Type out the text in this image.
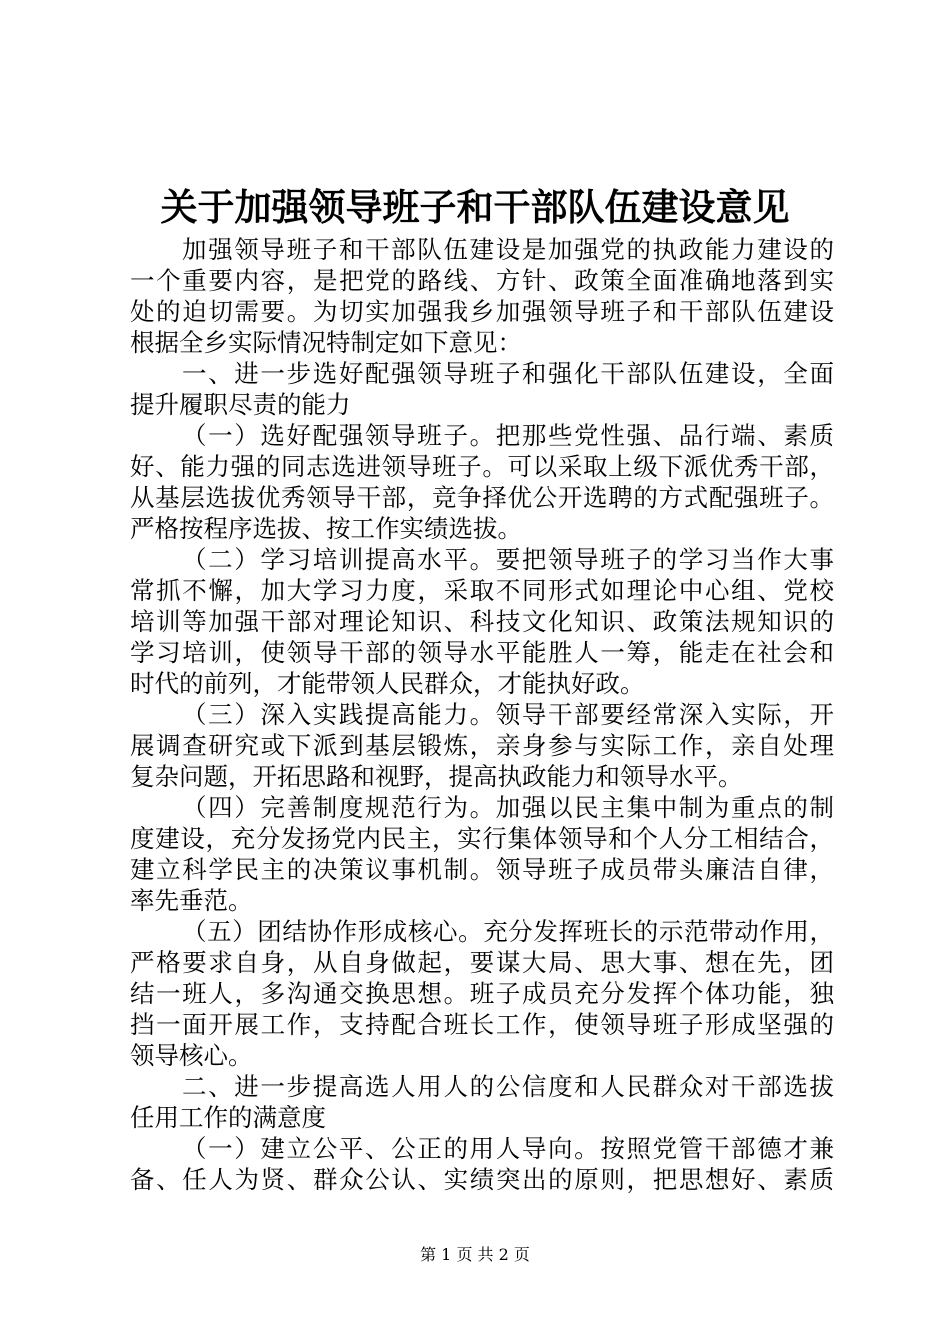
关于加强领导班子和干部队伍建设意见
加强领导班子和干部队伍建设是加强党的执政能力建设的
一个重要内容，是把党的路线、方针、政策全面准确地落到实
处的迫切需要。为切实加强我乡加强领导班子和干部队伍建设
根据全乡实际情况特制定如下意见：
一、进一步选好配强领导班子和强化干部队伍建设，全面
提升履职尽责的能力
（一）选好配强领导班子。把那些党性强、品行端、素质
好、能力强的同志选进领导班子。可以采取上级下派优秀干部，
从基层选拔优秀领导干部，竞争择优公开选聘的方式配强班子。
严格按程序选拔、按工作实绩选拔。
（二）学习培训提高水平。要把领导班子的学习当作大事
常抓不懈，加大学习力度，采取不同形式如理论中心组、党校
培训等加强干部对理论知识、科技文化知识、政策法规知识的
学习培训，使领导干部的领导水平能胜人一筹，能走在社会和
时代的前列，才能带领人民群众，才能执好政。
（三）深入实践提高能力。领导干部要经常深入实际，开
展调查研究或下派到基层锻炼，亲身参与实际工作，亲自处理
复杂问题，开拓思路和视野，提高执政能力和领导水平。
（四）完善制度规范行为。加强以民主集中制为重点的制
度建设，充分发扬党内民主，实行集体领导和个人分工相结合，
建立科学民主的决策议事机制。领导班子成员带头廉洁自律，
率先垂范。
（五）团结协作形成核心。充分发挥班长的示范带动作用，
严格要求自身，从自身做起，要谋大局、思大事、想在先，团
结一班人，多沟通交换思想。班子成员充分发挥个体功能，独
挡一面开展工作，支持配合班长工作，使领导班子形成坚强的
领导核心。
二、进一步提高选人用人的公信度和人民群众对干部选拔
任用工作的满意度
（一）建立公平、公正的用人导向。按照党管干部德才兼
备、任人为贤、群众公认、实绩突出的原则，把思想好、素质
第 1 页 共 2 页
